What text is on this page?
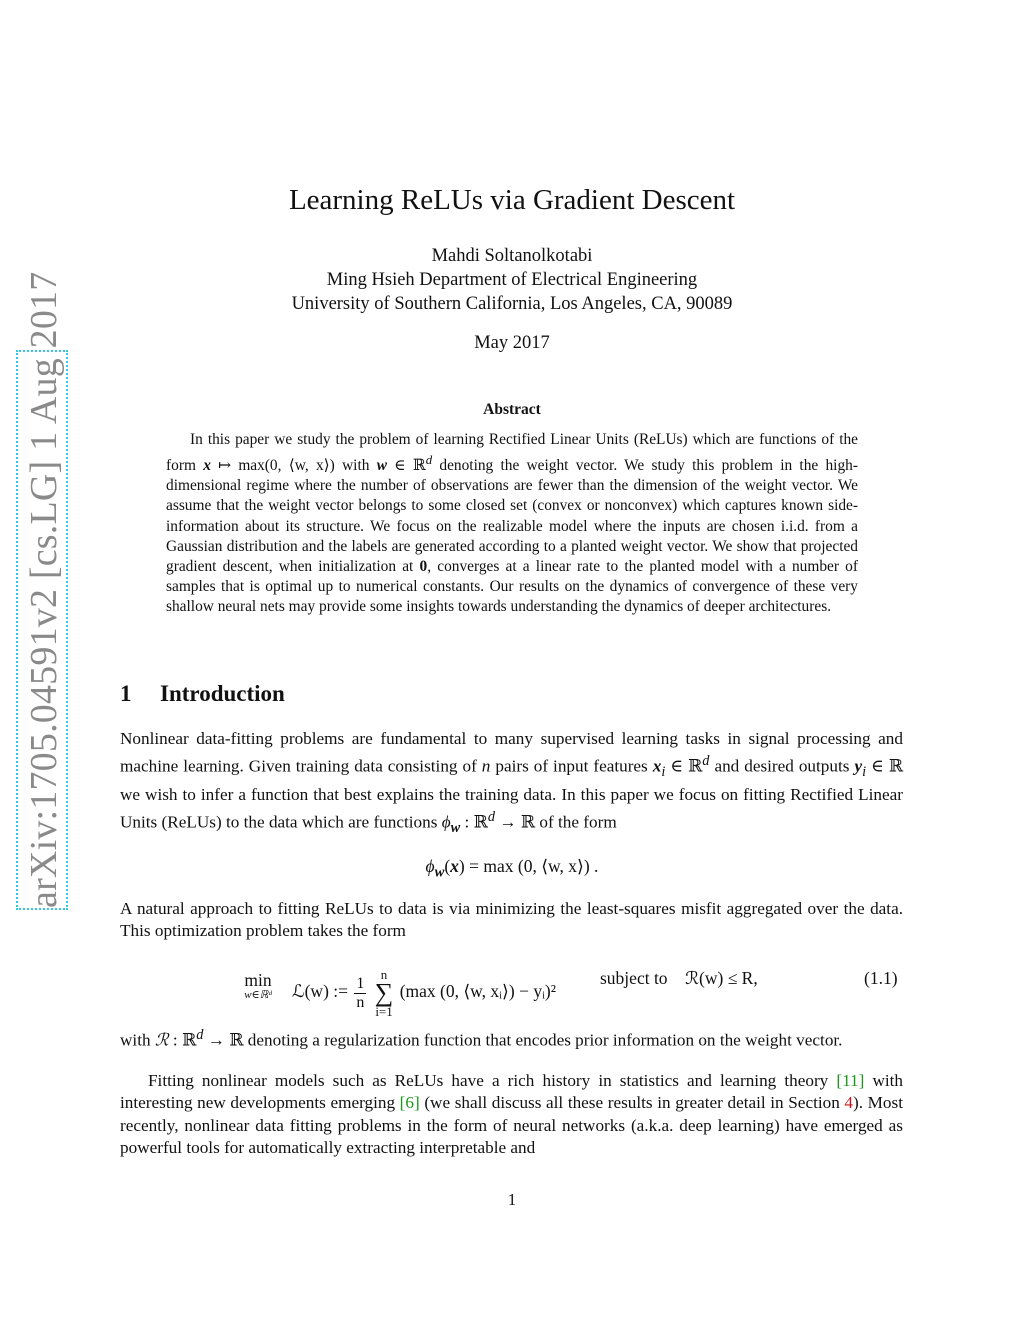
arXiv:1705.04591v2 [cs.LG] 1 Aug 2017
Learning ReLUs via Gradient Descent
Mahdi Soltanolkotabi
Ming Hsieh Department of Electrical Engineering
University of Southern California, Los Angeles, CA, 90089
May 2017
Abstract
In this paper we study the problem of learning Rectified Linear Units (ReLUs) which are functions of the form x ↦ max(0, ⟨w, x⟩) with w ∈ ℝ$^d$ denoting the weight vector. We study this problem in the high-dimensional regime where the number of observations are fewer than the dimension of the weight vector. We assume that the weight vector belongs to some closed set (convex or nonconvex) which captures known side-information about its structure. We focus on the realizable model where the inputs are chosen i.i.d. from a Gaussian distribution and the labels are generated according to a planted weight vector. We show that projected gradient descent, when initialization at 0, converges at a linear rate to the planted model with a number of samples that is optimal up to numerical constants. Our results on the dynamics of convergence of these very shallow neural nets may provide some insights towards understanding the dynamics of deeper architectures.
1 Introduction
Nonlinear data-fitting problems are fundamental to many supervised learning tasks in signal processing and machine learning. Given training data consisting of n pairs of input features $x_i$ ∈ ℝ$^d$ and desired outputs $y_i$ ∈ ℝ we wish to infer a function that best explains the training data. In this paper we focus on fitting Rectified Linear Units (ReLUs) to the data which are functions $\phi_w$ : ℝ$^d$ → ℝ of the form
$\phi_w(x) = \max (0$, ⟨w, x⟩) .
A natural approach to fitting ReLUs to data is via minimizing the least-squares misfit aggregated over the data. This optimization problem takes the form
min
w∈ℝᵈ	ℒ(w) := $\frac{1}{n}$ n
∑
i=1 (max (0, ⟨w, xᵢ⟩) − yᵢ)²
subject to ℛ(w) ≤ R,	(1.1)
with ℛ : ℝ$^d$ → ℝ denoting a regularization function that encodes prior information on the weight vector.
Fitting nonlinear models such as ReLUs have a rich history in statistics and learning theory [11] with interesting new developments emerging [6] (we shall discuss all these results in greater detail in Section 4). Most recently, nonlinear data fitting problems in the form of neural networks (a.k.a. deep learning) have emerged as powerful tools for automatically extracting interpretable and
1
